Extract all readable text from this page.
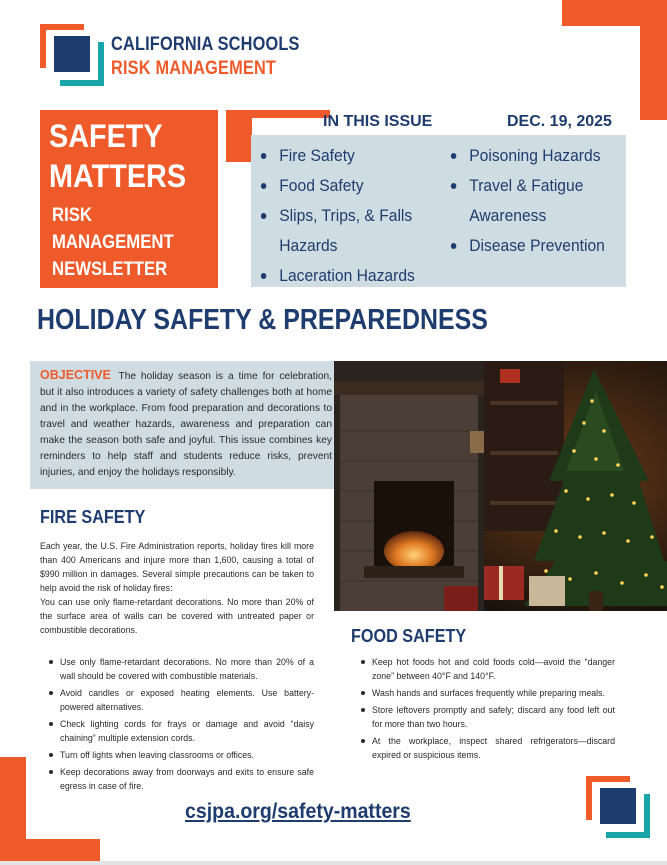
CALIFORNIA SCHOOLS
RISK MANAGEMENT
SAFETY
MATTERS
RISK
MANAGEMENT
NEWSLETTER
IN THIS ISSUE	DEC. 19, 2025
Fire Safety
Food Safety
Slips, Trips, & Falls Hazards
Laceration Hazards
Poisoning Hazards
Travel & Fatigue Awareness
Disease Prevention
HOLIDAY SAFETY & PREPAREDNESS
OBJECTIVE The holiday season is a time for celebration, but it also introduces a variety of safety challenges both at home and in the workplace. From food preparation and decorations to travel and weather hazards, awareness and preparation can make the season both safe and joyful. This issue combines key reminders to help staff and students reduce risks, prevent injuries, and enjoy the holidays responsibly.
FIRE SAFETY

Each year, the U.S. Fire Administration reports, holiday fires kill more than 400 Americans and injure more than 1,600, causing a total of $990 million in damages. Several simple precautions can be taken to help avoid the risk of holiday fires:

You can use only flame-retardant decorations. No more than 20% of the surface area of walls can be covered with untreated paper or combustible decorations.

Use only flame-retardant decorations. No more than 20% of a wall should be covered with combustible materials.
Avoid candles or exposed heating elements. Use battery-powered alternatives.
Check lighting cords for frays or damage and avoid “daisy chaining” multiple extension cords.
Turn off lights when leaving classrooms or offices.
Keep decorations away from doorways and exits to ensure safe egress in case of fire.
FOOD SAFETY
Keep hot foods hot and cold foods cold—avoid the “danger zone” between 40°F and 140°F.
Wash hands and surfaces frequently while preparing meals.
Store leftovers promptly and safely; discard any food left out for more than two hours.
At the workplace, inspect shared refrigerators—discard expired or suspicious items.
csjpa.org/safety-matters
